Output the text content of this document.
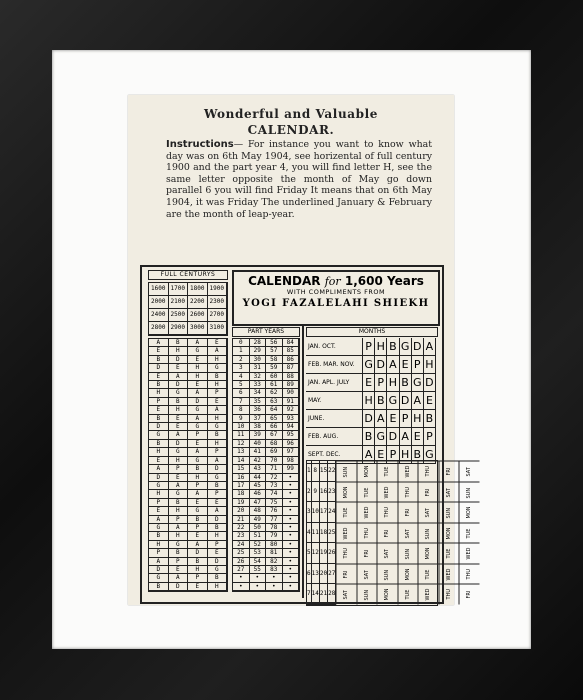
Wonderful and Valuable
CALENDAR.
Instructions— For instance you want to know what day was on 6th May 1904, see horizental of full century 1900 and the part year 4, you will find letter H, see the same letter opposite the month of May go down parallel 6 you will find Friday It means that on 6th May 1904, it was Friday The underlined January & February are the month of leap-year.
FULL CENTURYS
1600 1700 1800 1900
2000 2100 2200 2300
2400 2500 2600 2700
2800 2900 3000 3100
CALENDAR for 1,600 Years
WITH COMPLIMENTS FROM
YOGI FAZALELAHI SHIEKH
PART YEARS	MONTHS
A	B	A	E
E	H	G	A
B	D	E	H
D	E	H	G
E	A	H	B
B	D	E	H
H	G	A	P
P	B	D	E
E	H	G	A
B	E	A	H
D	E	G	G
G	A	P	B
B	D	E	H
H	G	A	P
E	H	G	A
A	P	B	D
D	E	H	G
G	A	P	B
H	G	A	P
P	B	E	E
E	H	G	A
A	P	B	D
G	A	P	B
B	H	E	H
H	G	A	P
P	B	D	E
A	P	B	D
D	E	H	G
G	A	P	B
B	D	E	H
0	28	56	84
1	29	57	85
2	30	58	86
3	31	59	87
4	32	60	88
5	33	61	89
6	34	62	90
7	35	63	91
8	36	64	92
9	37	65	93
10	38	66	94
11	39	67	95
12	40	68	96
13	41	69	97
14	42	70	98
15	43	71	99
16	44	72	•
17	45	73	•
18	46	74	•
19	47	75	•
20	48	76	•
21	49	77	•
22	50	78	•
23	51	79	•
24	52	80	•
25	53	81	•
26	54	82	•
27	55	83	•
•	•	•	•
•	•	•	•
JAN. OCT.	P H B G D A
FEB. MAR. NOV. G D A E P H
JAN. APL. JULY	E P H B G D
MAY.	H B G D A E
JUNE.	D A E P H B
FEB. AUG.	B G D A E P
SEPT. DEC.	A E P H B G
1 8 15 22	SUN	MON	TUE	WED	THU	FRI	SAT
2 9 16 23	MON	TUE	WED	THU	FRI	SAT	SUN
3 10 17 24	TUE	WED	THU	FRI	SAT	SUN	MON
4 11 18 25	WED	THU	FRI	SAT	SUN	MON	TUE
5 12 19 26	THU	FRI	SAT	SUN	MON	TUE	WED
6 13 20 27	FRI	SAT	SUN	MON	TUE	WED	THU
7 14 21 28	SAT	SUN	MON	TUE	WED	THU	FRI
